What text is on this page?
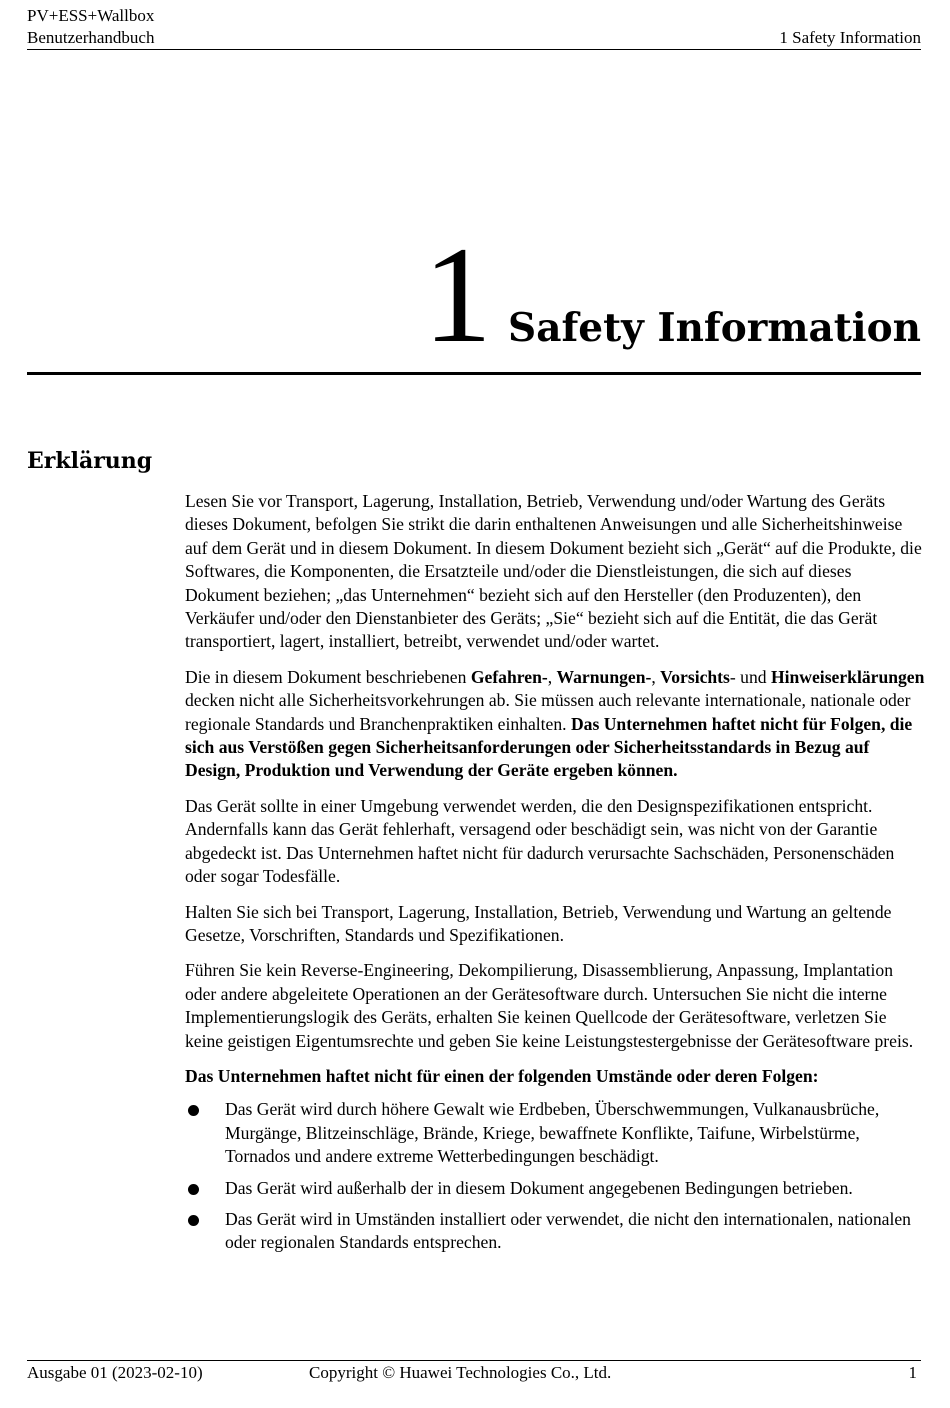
PV+ESS+Wallbox
Benutzerhandbuch	1 Safety Information
1 Safety Information
Erklärung

Lesen Sie vor Transport, Lagerung, Installation, Betrieb, Verwendung und/oder Wartung des Geräts dieses Dokument, befolgen Sie strikt die darin enthaltenen Anweisungen und alle Sicherheitshinweise auf dem Gerät und in diesem Dokument. In diesem Dokument bezieht sich „Gerät“ auf die Produkte, die Softwares, die Komponenten, die Ersatzteile und/oder die Dienstleistungen, die sich auf dieses Dokument beziehen; „das Unternehmen“ bezieht sich auf den Hersteller (den Produzenten), den Verkäufer und/oder den Dienstanbieter des Geräts; „Sie“ bezieht sich auf die Entität, die das Gerät transportiert, lagert, installiert, betreibt, verwendet und/oder wartet.

Die in diesem Dokument beschriebenen Gefahren-, Warnungen-, Vorsichts- und Hinweiserklärungen decken nicht alle Sicherheitsvorkehrungen ab. Sie müssen auch relevante internationale, nationale oder regionale Standards und Branchenpraktiken einhalten. Das Unternehmen haftet nicht für Folgen, die sich aus Verstößen gegen Sicherheitsanforderungen oder Sicherheitsstandards in Bezug auf Design, Produktion und Verwendung der Geräte ergeben können.

Das Gerät sollte in einer Umgebung verwendet werden, die den Designspezifikationen entspricht. Andernfalls kann das Gerät fehlerhaft, versagend oder beschädigt sein, was nicht von der Garantie abgedeckt ist. Das Unternehmen haftet nicht für dadurch verursachte Sachschäden, Personenschäden oder sogar Todesfälle.

Halten Sie sich bei Transport, Lagerung, Installation, Betrieb, Verwendung und Wartung an geltende Gesetze, Vorschriften, Standards und Spezifikationen.

Führen Sie kein Reverse-Engineering, Dekompilierung, Disassemblierung, Anpassung, Implantation oder andere abgeleitete Operationen an der Gerätesoftware durch. Untersuchen Sie nicht die interne Implementierungslogik des Geräts, erhalten Sie keinen Quellcode der Gerätesoftware, verletzen Sie keine geistigen Eigentumsrechte und geben Sie keine Leistungstestergebnisse der Gerätesoftware preis.

Das Unternehmen haftet nicht für einen der folgenden Umstände oder deren Folgen:

Das Gerät wird durch höhere Gewalt wie Erdbeben, Überschwemmungen, Vulkanausbrüche, Murgänge, Blitzeinschläge, Brände, Kriege, bewaffnete Konflikte, Taifune, Wirbelstürme, Tornados und andere extreme Wetterbedingungen beschädigt.
Das Gerät wird außerhalb der in diesem Dokument angegebenen Bedingungen betrieben.
Das Gerät wird in Umständen installiert oder verwendet, die nicht den internationalen, nationalen oder regionalen Standards entsprechen.
Ausgabe 01 (2023-02-10)	Copyright © Huawei Technologies Co., Ltd.	1
